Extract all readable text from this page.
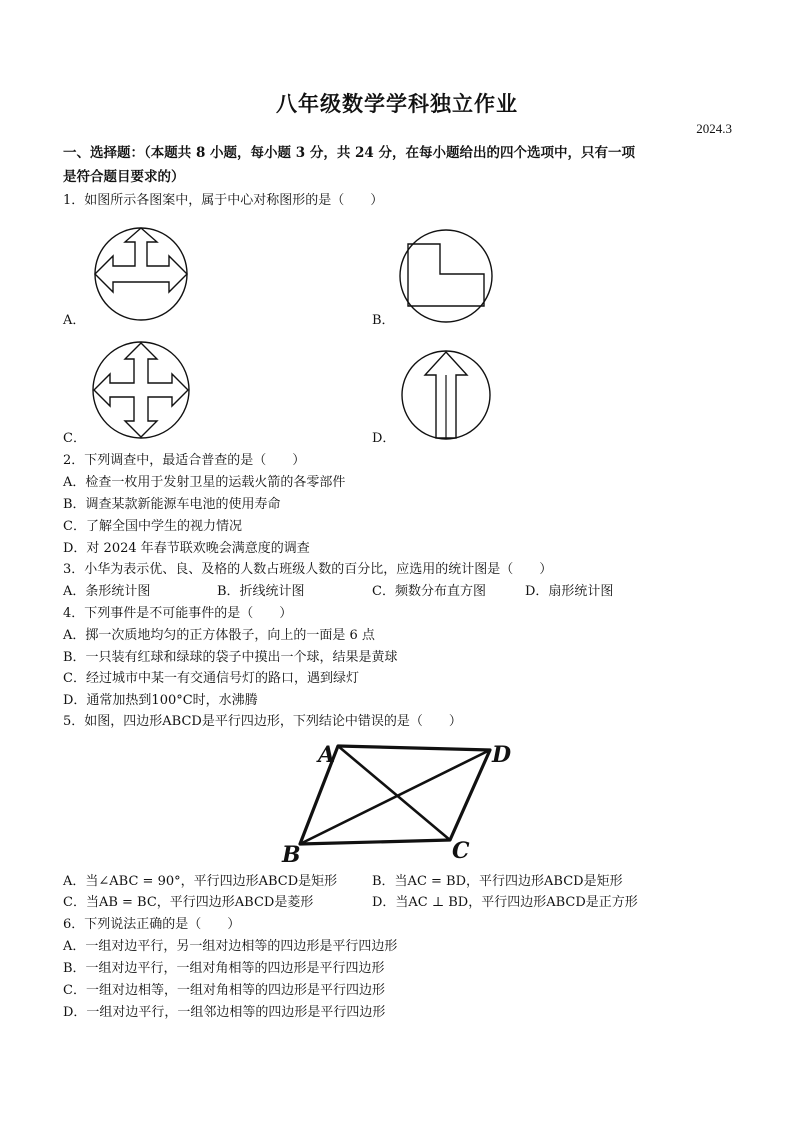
八年级数学学科独立作业
2024.3
一、选择题：（本题共 8 小题，每小题 3 分，共 24 分，在每小题给出的四个选项中，只有一项
是符合题目要求的）
1．如图所示各图案中，属于中心对称图形的是（　　）
A．	B．
C．	D．
2．下列调查中，最适合普查的是（　　）
A．检查一枚用于发射卫星的运载火箭的各零部件
B．调查某款新能源车电池的使用寿命
C．了解全国中学生的视力情况
D．对 2024 年春节联欢晚会满意度的调查
3．小华为表示优、良、及格的人数占班级人数的百分比，应选用的统计图是（　　）
A．条形统计图	B．折线统计图	C．频数分布直方图	D．扇形统计图
4．下列事件是不可能事件的是（　　）
A．掷一次质地均匀的正方体骰子，向上的一面是 6 点
B．一只装有红球和绿球的袋子中摸出一个球，结果是黄球
C．经过城市中某一有交通信号灯的路口，遇到绿灯
D．通常加热到100°C时，水沸腾
5．如图，四边形ABCD是平行四边形，下列结论中错误的是（　　）
A	D
B	C
A．当∠ABC = 90°，平行四边形ABCD是矩形	B．当AC = BD，平行四边形ABCD是矩形
C．当AB = BC，平行四边形ABCD是菱形	D．当AC ⊥ BD，平行四边形ABCD是正方形
6．下列说法正确的是（　　）
A．一组对边平行，另一组对边相等的四边形是平行四边形
B．一组对边平行，一组对角相等的四边形是平行四边形
C．一组对边相等，一组对角相等的四边形是平行四边形
D．一组对边平行，一组邻边相等的四边形是平行四边形
